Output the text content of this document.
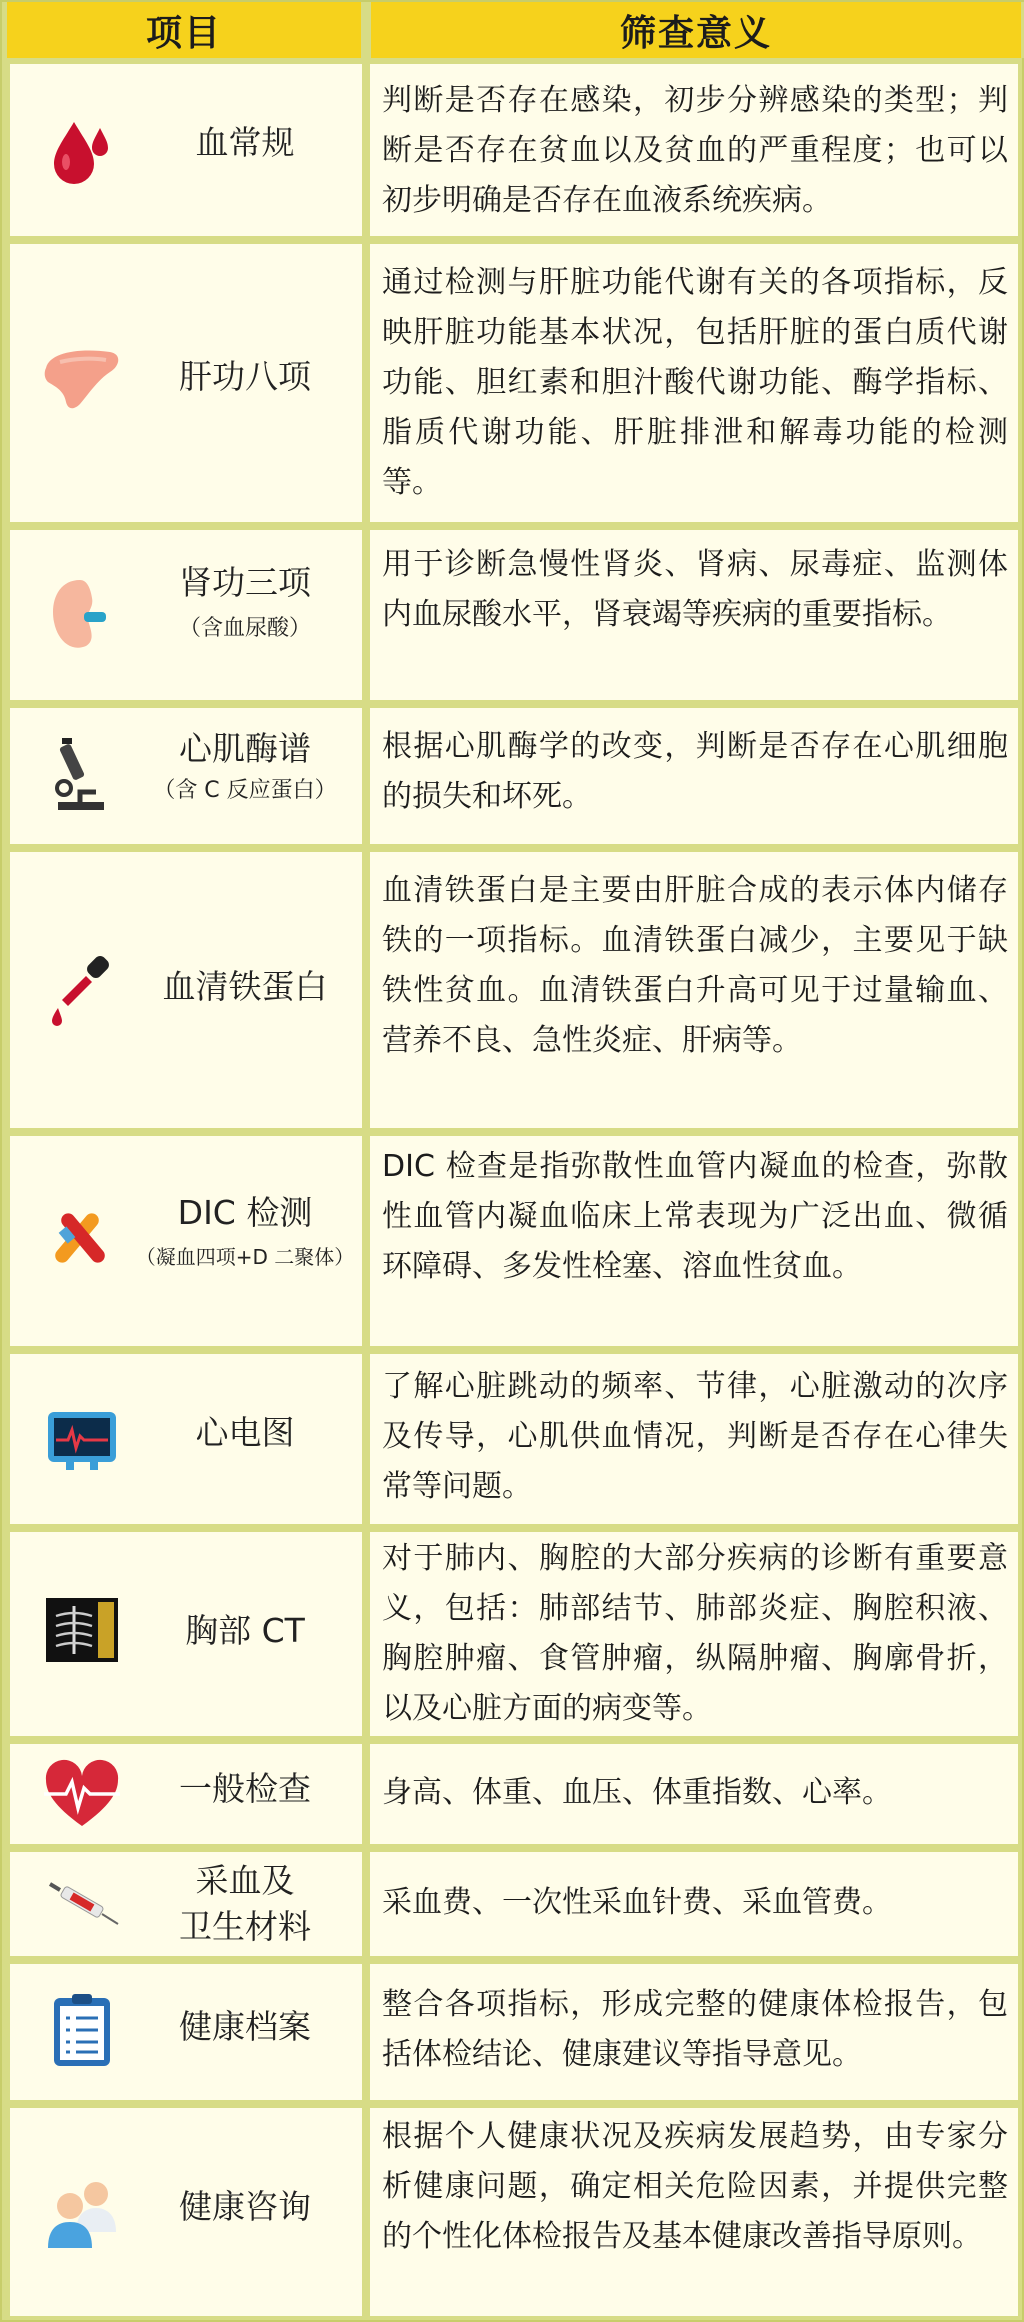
项目	筛查意义
血常规
判断是否存在感染，初步分辨感染的类型；判断是否存在贫血以及贫血的严重程度；也可以初步明确是否存在血液系统疾病。
肝功八项
通过检测与肝脏功能代谢有关的各项指标，反映肝脏功能基本状况，包括肝脏的蛋白质代谢功能、胆红素和胆汁酸代谢功能、酶学指标、脂质代谢功能、肝脏排泄和解毒功能的检测等。
肾功三项
（含血尿酸）
用于诊断急慢性肾炎、肾病、尿毒症、监测体内血尿酸水平，肾衰竭等疾病的重要指标。
心肌酶谱
（含 C 反应蛋白）
根据心肌酶学的改变，判断是否存在心肌细胞的损失和坏死。
血清铁蛋白
血清铁蛋白是主要由肝脏合成的表示体内储存铁的一项指标。血清铁蛋白减少，主要见于缺铁性贫血。血清铁蛋白升高可见于过量输血、营养不良、急性炎症、肝病等。
DIC 检测
（凝血四项+D 二聚体）
DIC 检查是指弥散性血管内凝血的检查，弥散性血管内凝血临床上常表现为广泛出血、微循环障碍、多发性栓塞、溶血性贫血。
心电图
了解心脏跳动的频率、节律，心脏激动的次序及传导，心肌供血情况，判断是否存在心律失常等问题。
胸部 CT
对于肺内、胸腔的大部分疾病的诊断有重要意义，包括：肺部结节、肺部炎症、胸腔积液、胸腔肿瘤、食管肿瘤，纵隔肿瘤、胸廓骨折，以及心脏方面的病变等。
一般检查	身高、体重、血压、体重指数、心率。
采血及
卫生材料
采血费、一次性采血针费、采血管费。
健康档案
整合各项指标，形成完整的健康体检报告，包括体检结论、健康建议等指导意见。
健康咨询
根据个人健康状况及疾病发展趋势，由专家分析健康问题，确定相关危险因素，并提供完整的个性化体检报告及基本健康改善指导原则。
